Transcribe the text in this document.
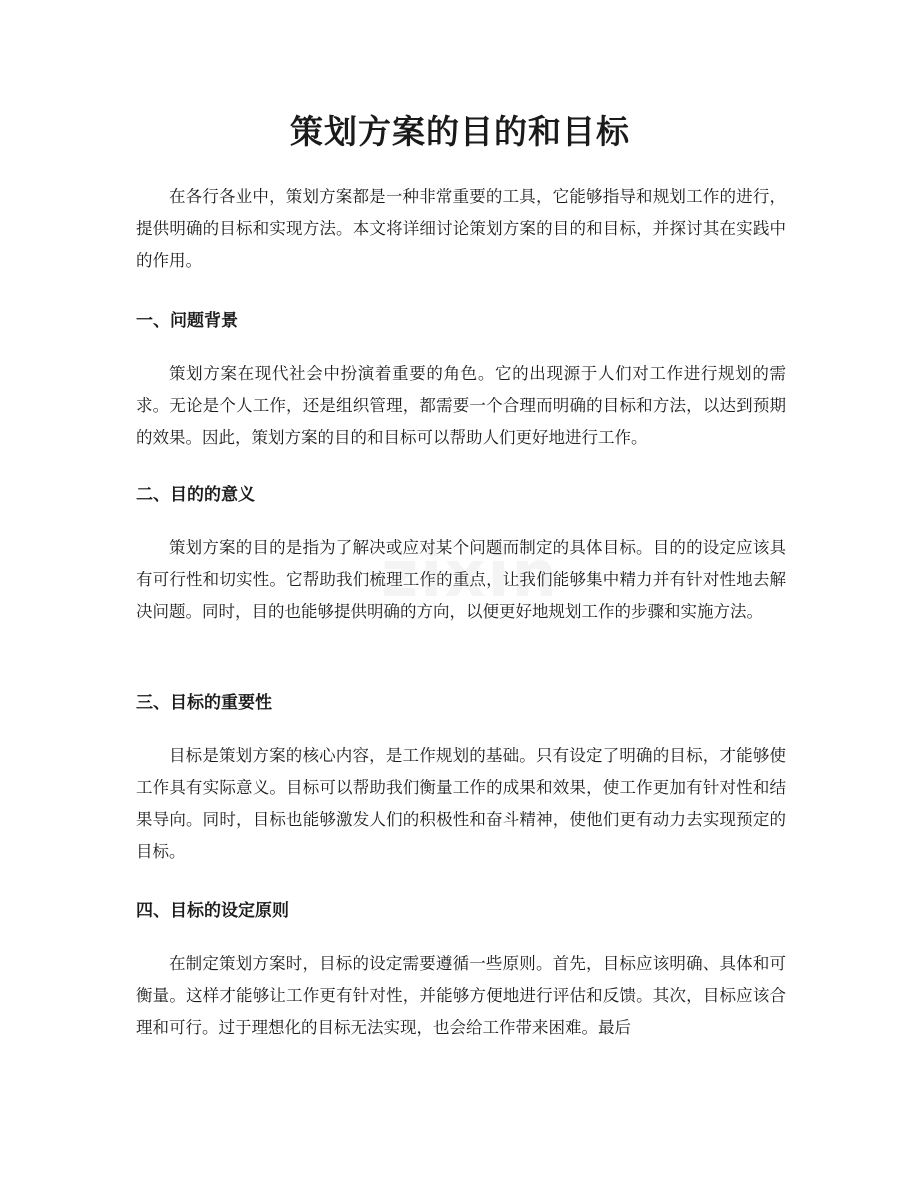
策划方案的目的和目标

在各行各业中，策划方案都是一种非常重要的工具，它能够指导和规划工作的进行，提供明确的目标和实现方法。本文将详细讨论策划方案的目的和目标，并探讨其在实践中的作用。

一、问题背景

策划方案在现代社会中扮演着重要的角色。它的出现源于人们对工作进行规划的需求。无论是个人工作，还是组织管理，都需要一个合理而明确的目标和方法，以达到预期的效果。因此，策划方案的目的和目标可以帮助人们更好地进行工作。

二、目的的意义

策划方案的目的是指为了解决或应对某个问题而制定的具体目标。目的的设定应该具有可行性和切实性。它帮助我们梳理工作的重点，让我们能够集中精力并有针对性地去解决问题。同时，目的也能够提供明确的方向，以便更好地规划工作的步骤和实施方法。

三、目标的重要性

目标是策划方案的核心内容，是工作规划的基础。只有设定了明确的目标，才能够使工作具有实际意义。目标可以帮助我们衡量工作的成果和效果，使工作更加有针对性和结果导向。同时，目标也能够激发人们的积极性和奋斗精神，使他们更有动力去实现预定的目标。

四、目标的设定原则

在制定策划方案时，目标的设定需要遵循一些原则。首先，目标应该明确、具体和可衡量。这样才能够让工作更有针对性，并能够方便地进行评估和反馈。其次，目标应该合理和可行。过于理想化的目标无法实现，也会给工作带来困难。最后

zixin
